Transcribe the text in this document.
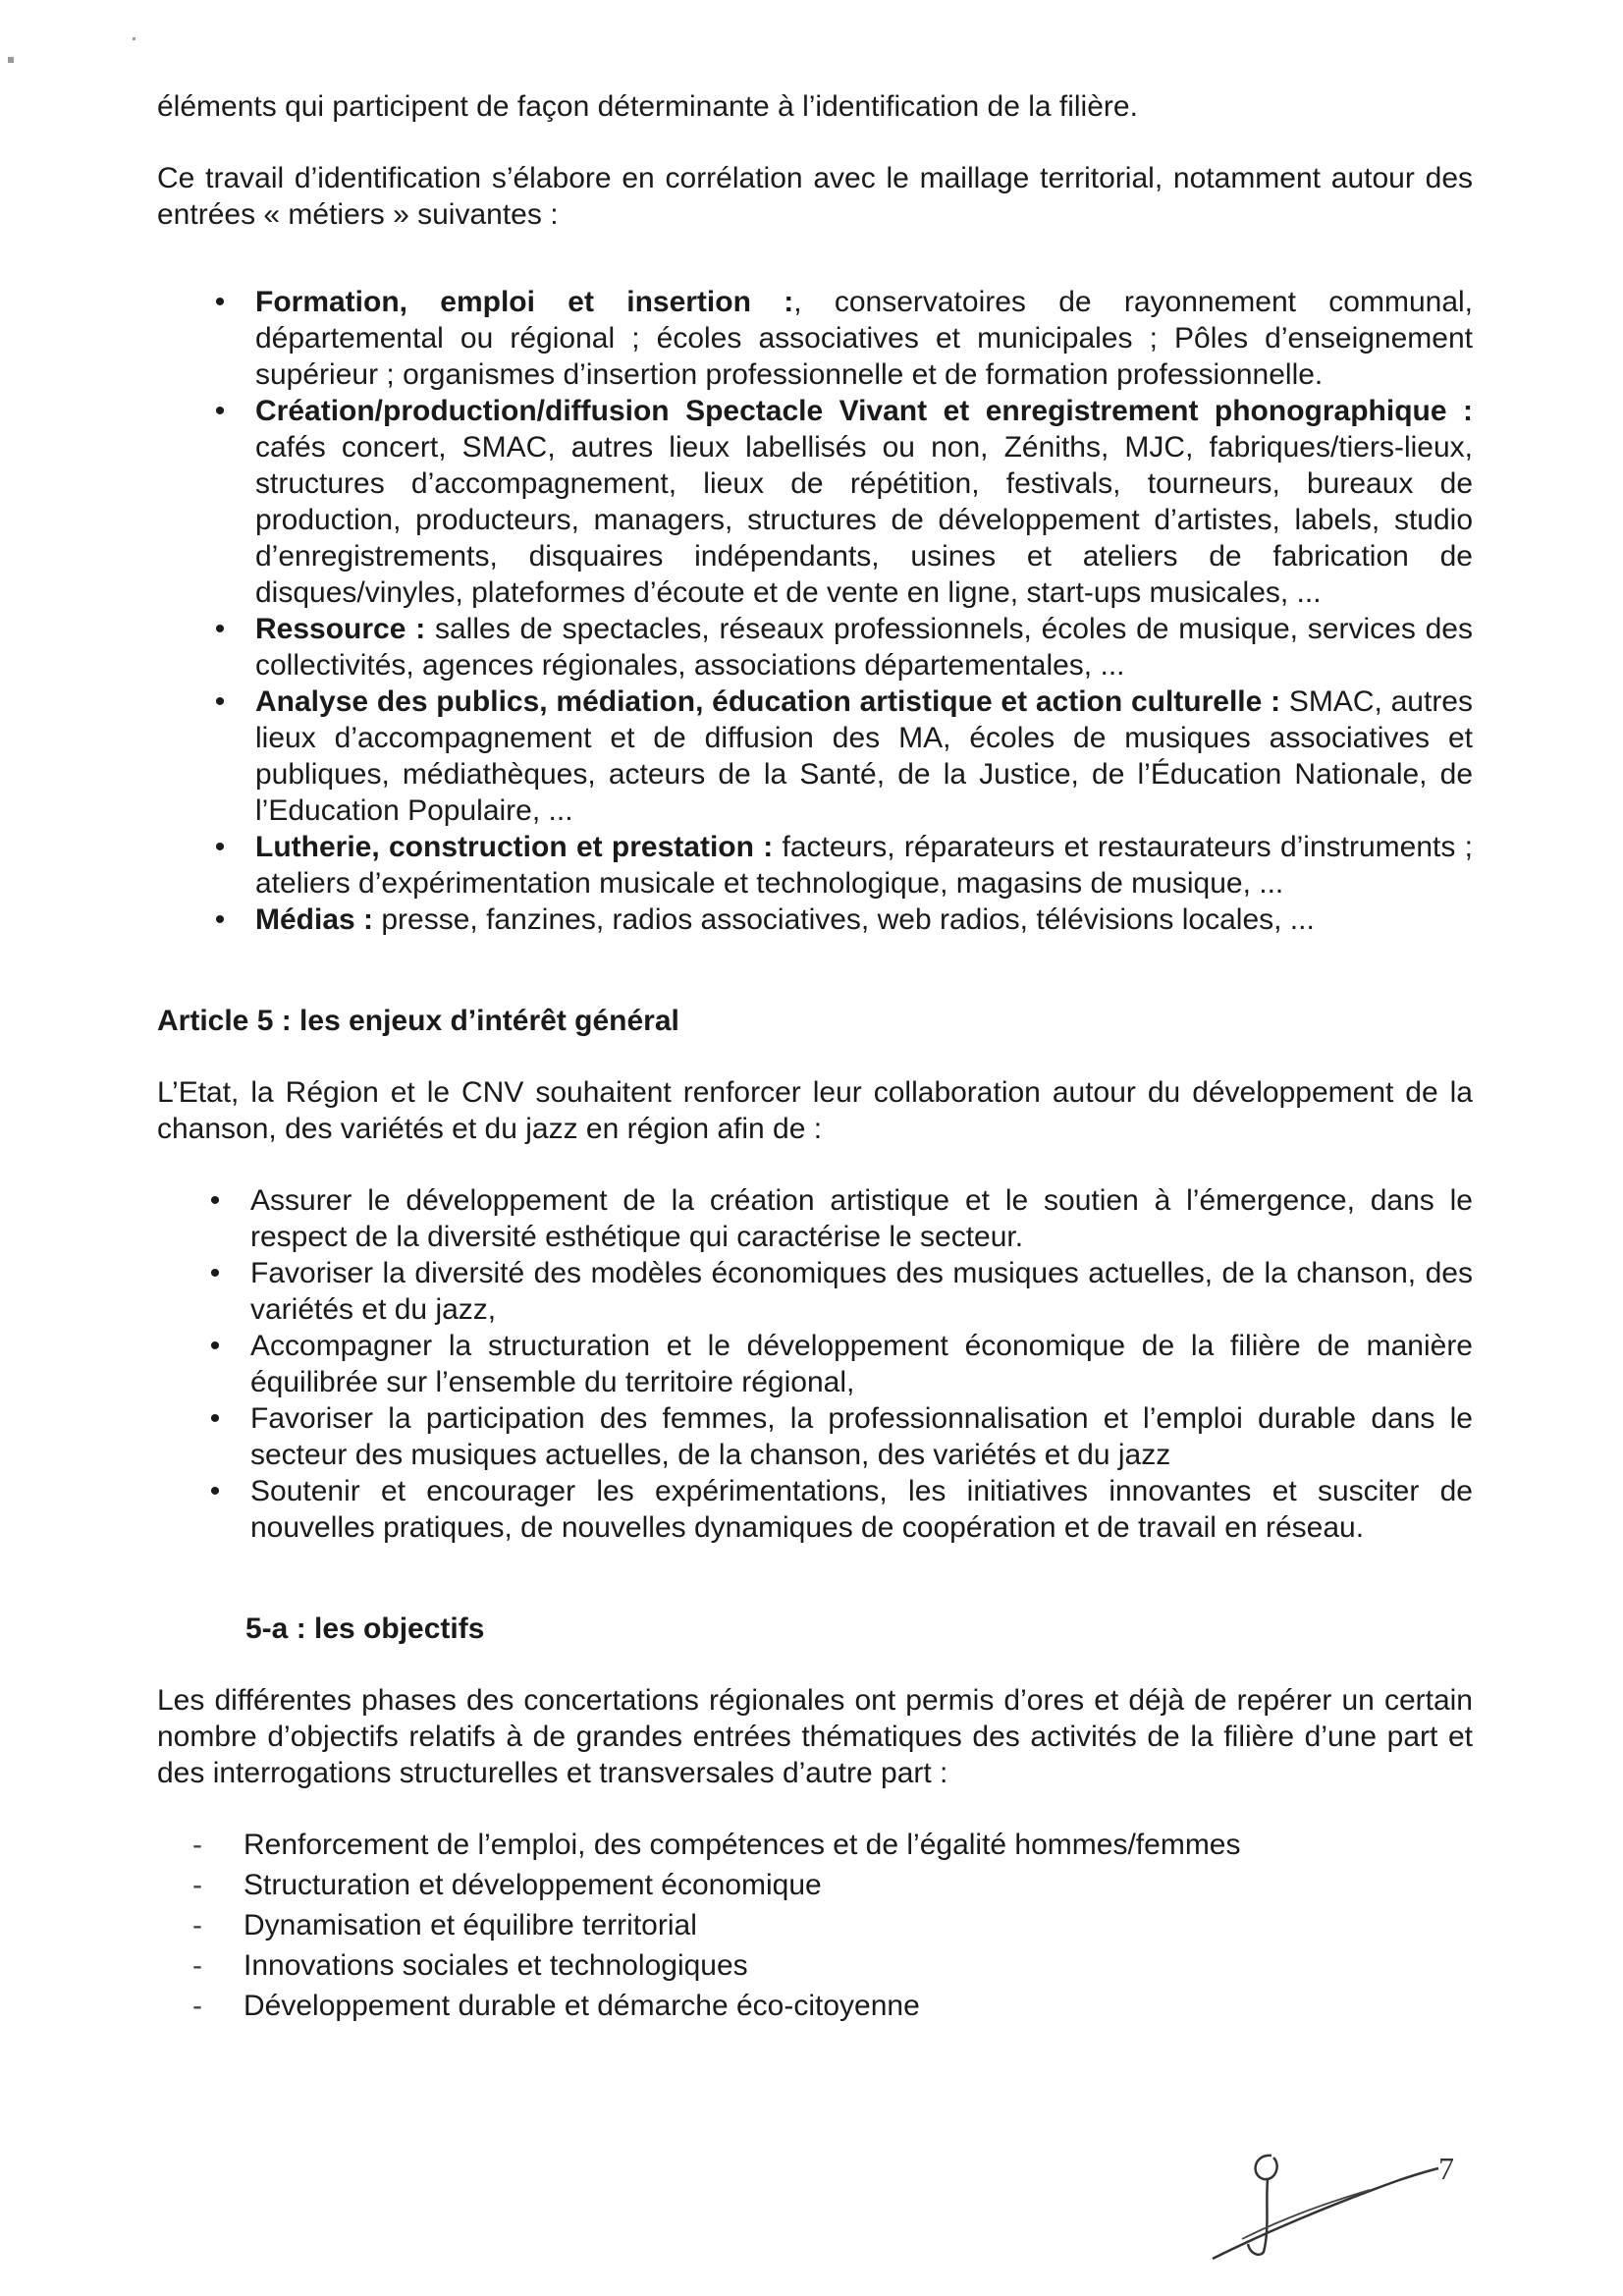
éléments qui participent de façon déterminante à l’identification de la filière.

Ce travail d’identification s’élabore en corrélation avec le maillage territorial, notamment autour des entrées « métiers » suivantes :

• Formation, emploi et insertion :, conservatoires de rayonnement communal, départemental ou régional ; écoles associatives et municipales ; Pôles d’enseignement supérieur ; organismes d’insertion professionnelle et de formation professionnelle.
• Création/production/diffusion Spectacle Vivant et enregistrement phonographique : cafés concert, SMAC, autres lieux labellisés ou non, Zéniths, MJC, fabriques/tiers-lieux, structures d’accompagnement, lieux de répétition, festivals, tourneurs, bureaux de production, producteurs, managers, structures de développement d’artistes, labels, studio d’enregistrements, disquaires indépendants, usines et ateliers de fabrication de disques/vinyles, plateformes d’écoute et de vente en ligne, start-ups musicales, ...
• Ressource : salles de spectacles, réseaux professionnels, écoles de musique, services des collectivités, agences régionales, associations départementales, ...
• Analyse des publics, médiation, éducation artistique et action culturelle : SMAC, autres lieux d’accompagnement et de diffusion des MA, écoles de musiques associatives et publiques, médiathèques, acteurs de la Santé, de la Justice, de l’Éducation Nationale, de l’Education Populaire, ...
• Lutherie, construction et prestation : facteurs, réparateurs et restaurateurs d’instruments ; ateliers d’expérimentation musicale et technologique, magasins de musique, ...
• Médias : presse, fanzines, radios associatives, web radios, télévisions locales, ...
Article 5 : les enjeux d’intérêt général

L’Etat, la Région et le CNV souhaitent renforcer leur collaboration autour du développement de la chanson, des variétés et du jazz en région afin de :

• Assurer le développement de la création artistique et le soutien à l’émergence, dans le respect de la diversité esthétique qui caractérise le secteur.
• Favoriser la diversité des modèles économiques des musiques actuelles, de la chanson, des variétés et du jazz,
• Accompagner la structuration et le développement économique de la filière de manière équilibrée sur l’ensemble du territoire régional,
• Favoriser la participation des femmes, la professionnalisation et l’emploi durable dans le secteur des musiques actuelles, de la chanson, des variétés et du jazz
• Soutenir et encourager les expérimentations, les initiatives innovantes et susciter de nouvelles pratiques, de nouvelles dynamiques de coopération et de travail en réseau.
5-a : les objectifs

Les différentes phases des concertations régionales ont permis d’ores et déjà de repérer un certain nombre d’objectifs relatifs à de grandes entrées thématiques des activités de la filière d’une part et des interrogations structurelles et transversales d’autre part :

- Renforcement de l’emploi, des compétences et de l’égalité hommes/femmes
- Structuration et développement économique
- Dynamisation et équilibre territorial
- Innovations sociales et technologiques
- Développement durable et démarche éco-citoyenne
7
